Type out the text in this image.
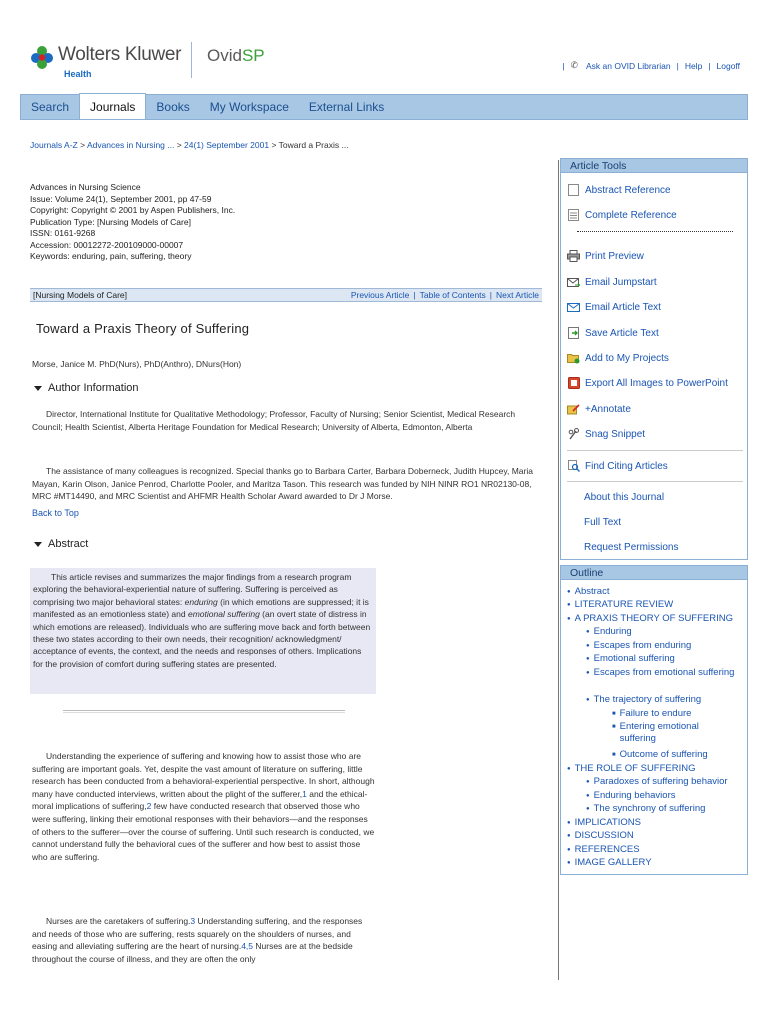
Wolters Kluwer
Health
OvidSP
| ✆ Ask an OVID Librarian | Help | Logoff
Search	Journals	Books	My Workspace	External Links
Journals A-Z > Advances in Nursing ... > 24(1) September 2001 > Toward a Praxis ...
Advances in Nursing Science
Issue: Volume 24(1), September 2001, pp 47-59
Copyright: Copyright © 2001 by Aspen Publishers, Inc.
Publication Type: [Nursing Models of Care]
ISSN: 0161-9268
Accession: 00012272-200109000-00007
Keywords: enduring, pain, suffering, theory
[Nursing Models of Care]	Previous Article | Table of Contents | Next Article
Toward a Praxis Theory of Suffering
Morse, Janice M. PhD(Nurs), PhD(Anthro), DNurs(Hon)
Author Information
Director, International Institute for Qualitative Methodology; Professor, Faculty of Nursing; Senior Scientist, Medical Research Council; Health Scientist, Alberta Heritage Foundation for Medical Research; University of Alberta, Edmonton, Alberta
The assistance of many colleagues is recognized. Special thanks go to Barbara Carter, Barbara Doberneck, Judith Hupcey, Maria Mayan, Karin Olson, Janice Penrod, Charlotte Pooler, and Maritza Tason. This research was funded by NIH NINR RO1 NR02130-08, MRC #MT14490, and MRC Scientist and AHFMR Health Scholar Award awarded to Dr J Morse.
Back to Top
Abstract

This article revises and summarizes the major findings from a research program exploring the behavioral-experiential nature of suffering. Suffering is perceived as comprising two major behavioral states: enduring (in which emotions are suppressed; it is manifested as an emotionless state) and emotional suffering (an overt state of distress in which emotions are released). Individuals who are suffering move back and forth between these two states according to their own needs, their recognition/ acknowledgment/ acceptance of events, the context, and the needs and responses of others. Implications for the provision of comfort during suffering states are presented.

Understanding the experience of suffering and knowing how to assist those who are suffering are important goals. Yet, despite the vast amount of literature on suffering, little research has been conducted from a behavioral-experiential perspective. In short, although many have conducted interviews, written about the plight of the sufferer,1 and the ethical-moral implications of suffering,2 few have conducted research that observed those who were suffering, linking their emotional responses with their behaviors—and the responses of others to the sufferer—over the course of suffering. Until such research is conducted, we cannot understand fully the behavioral cues of the sufferer and how best to assist those who are suffering.
Nurses are the caretakers of suffering.3 Understanding suffering, and the responses and needs of those who are suffering, rests squarely on the shoulders of nurses, and easing and alleviating suffering are the heart of nursing.4,5 Nurses are at the bedside throughout the course of illness, and they are often the only
Article Tools
Abstract Reference
Complete Reference
Print Preview
Email Jumpstart
Email Article Text
Save Article Text
Add to My Projects
Export All Images to PowerPoint
+Annotate
Snag Snippet
Find Citing Articles
About this Journal
Full Text
Request Permissions
Outline
● Abstract
● LITERATURE REVIEW
● A PRAXIS THEORY OF SUFFERING
● Enduring
● Escapes from enduring
● Emotional suffering
● Escapes from emotional suffering
● The trajectory of suffering
■ Failure to endure
■ Entering emotional suffering
■ Outcome of suffering
● THE ROLE OF SUFFERING
● Paradoxes of suffering behavior
● Enduring behaviors
● The synchrony of suffering
● IMPLICATIONS
● DISCUSSION
● REFERENCES
● IMAGE GALLERY
